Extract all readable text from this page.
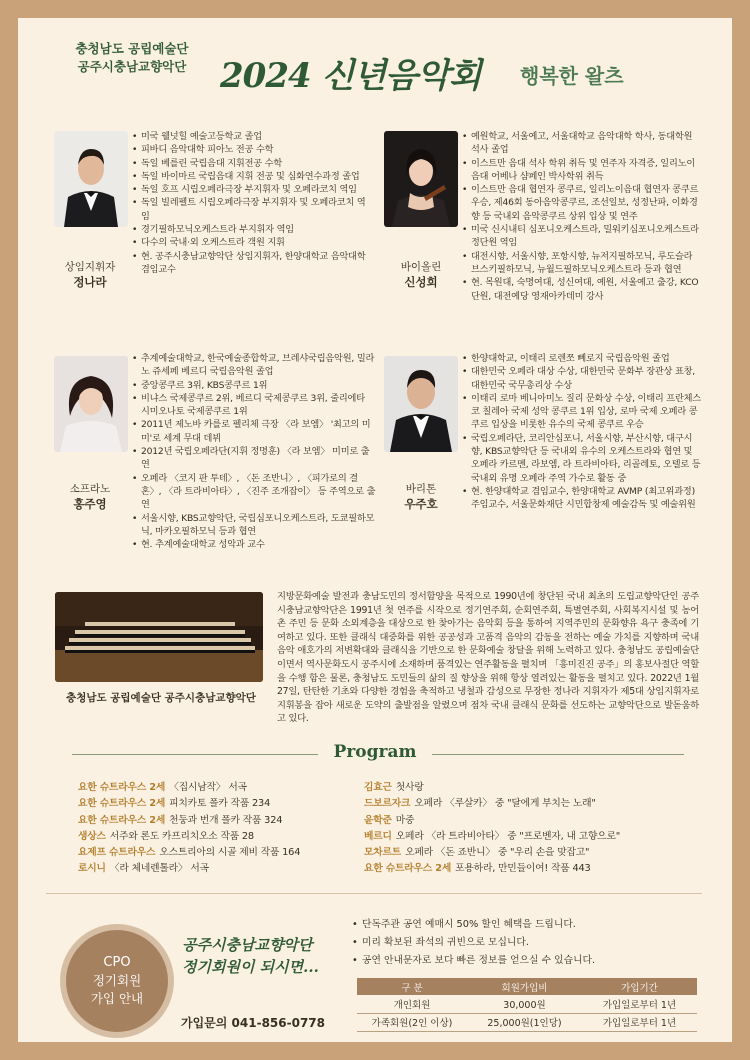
충청남도 공립예술단
공주시충남교향악단 2024 신년음악회 행복한 왈츠
상임지휘자
정나라
• 미국 웰넛힐 예술고등학교 졸업
• 피바디 음악대학 피아노 전공 수학
• 독일 베를린 국립음대 지휘전공 수학
• 독일 바이마르 국립음대 지휘 전공 및 심화연수과정 졸업
• 독일 호프 시립오페라극장 부지휘자 및 오페라코치 역임
• 독일 빌레펠트 시립오페라극장 부지휘자 및 오페라코치 역임
• 경기필하모닉오케스트라 부지휘자 역임
• 다수의 국내·외 오케스트라 객원 지휘
• 현. 공주시충남교향악단 상임지휘자, 한양대학교 음악대학 겸임교수	바이올린
신성희
• 예원학교, 서울예고, 서울대학교 음악대학 학사, 동대학원 석사 졸업
• 이스트만 음대 석사 학위 취득 및 연주자 자격증, 일리노이 음대 어베나 샴페인 박사학위 취득
• 이스트만 음대 협연자 콩쿠르, 일리노이음대 협연자 콩쿠르 우승, 제46회 동아음악콩쿠르, 조선일보, 성정난파, 이화경향 등 국내외 음악콩쿠르 상위 입상 및 연주
• 미국 신시내티 심포니오케스트라, 밀워키심포니오케스트라 정단원 역임
• 대전시향, 서울시향, 포항시향, 뉴저지필하모닉, 루도슬라 브스키필하모닉, 뉴월드필하모닉오케스트라 등과 협연
• 현. 목원대, 숙명여대, 성신여대, 예원, 서울예고 출강, KCO 단원, 대전예당 영재아카데미 강사
소프라노
홍주영
• 추계예술대학교, 한국예술종합학교, 브레샤국립음악원, 밀라노 쥬세페 베르디 국립음악원 졸업
• 중앙콩쿠르 3위, KBS콩쿠르 1위
• 비냐스 국제콩쿠르 2위, 베르디 국제콩쿠르 3위, 줄리에타 시미오나토 국제콩쿠르 1위
• 2011년 제노바 카를로 펠리체 극장 〈라 보엠〉 '최고의 미미'로 세계 무대 데뷔
• 2012년 국립오페라단(지휘 정명훈) 〈라 보엠〉 미미로 출연
• 오페라 〈코지 판 투테〉, 〈돈 조반니〉, 〈피가로의 결혼〉, 〈라 트라비아타〉, 〈진주 조개잡이〉 등 주역으로 출연
• 서울시향, KBS교향악단, 국립심포니오케스트라, 도쿄필하모닉, 마카오필하모닉 등과 협연
• 현. 추계예술대학교 성악과 교수
바리톤
우주호
• 한양대학교, 이태리 로렌쪼 뻬로지 국립음악원 졸업
• 대한민국 오페라 대상 수상, 대한민국 문화부 장관상 표창, 대한민국 국무총리상 수상
• 이태리 로마 베니아미노 질리 문화상 수상, 이태리 프란체스코 칠레아 국제 성악 콩쿠르 1위 입상, 로마 국제 오페라 콩쿠르 입상을 비롯한 유수의 국제 콩쿠르 우승
• 국립오페라단, 코리안심포니, 서울시향, 부산시향, 대구시향, KBS교향악단 등 국내외 유수의 오케스트라와 협연 및 오페라 카르멘, 라보엠, 라 트라비아타, 리골레토, 오텔로 등 국내외 유명 오페라 주역 가수로 활동 중
• 현. 한양대학교 겸임교수, 한양대학교 AVMP (최고위과정) 주임교수, 서울문화재단 시민합창제 예술감독 및 예술위원
충청남도 공립예술단 공주시충남교향악단
지방문화예술 발전과 충남도민의 정서함양을 목적으로 1990년에 창단된 국내 최초의 도립교향악단인 공주시충남교향악단은 1991년 첫 연주를 시작으로 정기연주회, 순회연주회, 특별연주회, 사회복지시설 및 농어촌 주민 등 문화 소외계층을 대상으로 한 찾아가는 음악회 등을 통하여 지역주민의 문화향유 욕구 충족에 기여하고 있다. 또한 클래식 대중화를 위한 공공성과 고품격 음악의 감동을 전하는 예술 가치를 지향하며 국내 음악 애호가의 저변확대와 클래식을 기반으로 한 문화예술 창달을 위해 노력하고 있다. 충청남도 공립예술단이면서 역사문화도시 공주시에 소재하며 품격있는 연주활동을 펼치며 「흥미진진 공주」의 홍보사절단 역할을 수행 함은 물론, 충청남도 도민들의 삶의 질 향상을 위해 항상 열려있는 활동을 펼치고 있다. 2022년 1월 27일, 탄탄한 기초와 다양한 경험을 축적하고 냉철과 감성으로 무장한 정나라 지휘자가 제5대 상임지휘자로 지휘봉을 잡아 새로운 도약의 출발점을 알렸으며 점차 국내 클래식 문화를 선도하는 교향악단으로 발돋움하고 있다.
Program
요한 슈트라우스 2세 〈집시남작〉 서곡
요한 슈트라우스 2세 피치카토 폴카 작품 234
요한 슈트라우스 2세 천둥과 번개 폴카 작품 324
생상스 서주와 론도 카프리치오소 작품 28
요제프 슈트라우스 오스트리아의 시골 제비 작품 164
로시니 〈라 체네렌톨라〉 서곡
김효근 첫사랑
드보르자크 오페라 〈루살카〉 중 "달에게 부치는 노래"
윤학준 마중
베르디 오페라 〈라 트라비아타〉 중 "프로벤자, 내 고향으로"
모차르트 오페라 〈돈 죠반니〉 중 "우리 손을 맞잡고"
요한 슈트라우스 2세 포용하라, 만민들이여! 작품 443
CPO
정기회원
가입 안내
공주시충남교향악단
정기회원이 되시면...
가입문의 041-856-0778
• 단독주관 공연 예매시 50% 할인 혜택을 드립니다.
• 미리 확보된 좌석의 귀빈으로 모십니다.
• 공연 안내문자로 보다 빠른 정보를 얻으실 수 있습니다.
구 분	회원가입비	가입기간
개인회원	30,000원	가입일로부터 1년
가족회원(2인 이상)	25,000원(1인당)	가입일로부터 1년
